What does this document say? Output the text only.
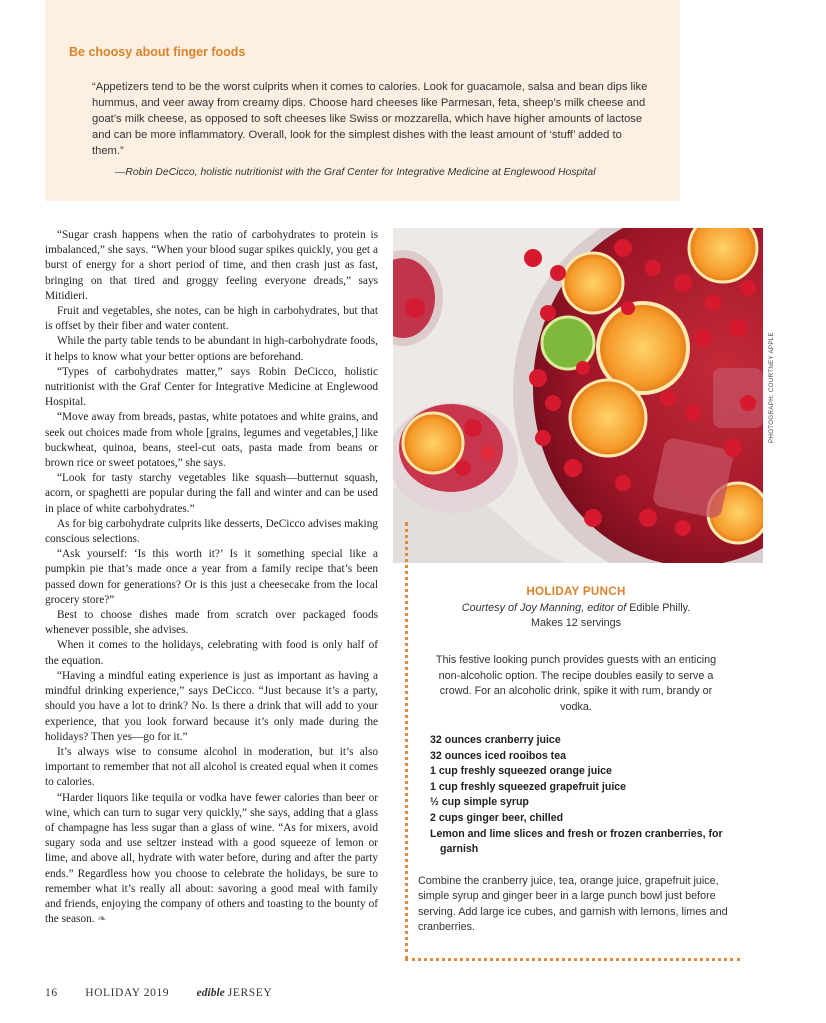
Be choosy about finger foods
“Appetizers tend to be the worst culprits when it comes to calories. Look for guacamole, salsa and bean dips like hummus, and veer away from creamy dips. Choose hard cheeses like Parmesan, feta, sheep’s milk cheese and goat’s milk cheese, as opposed to soft cheeses like Swiss or mozzarella, which have higher amounts of lactose and can be more inflammatory. Overall, look for the simplest dishes with the least amount of ‘stuff’ added to them.”
—Robin DeCicco, holistic nutritionist with the Graf Center for Integrative Medicine at Englewood Hospital

“Sugar crash happens when the ratio of carbohydrates to protein is imbalanced,” she says. “When your blood sugar spikes quickly, you get a burst of energy for a short period of time, and then crash just as fast, bringing on that tired and groggy feeling everyone dreads,” says Mitidieri.

Fruit and vegetables, she notes, can be high in carbohydrates, but that is offset by their fiber and water content.

While the party table tends to be abundant in high-carbohydrate foods, it helps to know what your better options are beforehand.

“Types of carbohydrates matter,” says Robin DeCicco, holistic nutritionist with the Graf Center for Integrative Medicine at Englewood Hospital.

“Move away from breads, pastas, white potatoes and white grains, and seek out choices made from whole [grains, legumes and vegetables,] like buckwheat, quinoa, beans, steel-cut oats, pasta made from beans or brown rice or sweet potatoes,” she says.

“Look for tasty starchy vegetables like squash—butternut squash, acorn, or spaghetti are popular during the fall and winter and can be used in place of white carbohydrates.”

As for big carbohydrate culprits like desserts, DeCicco advises making conscious selections.

“Ask yourself: ‘Is this worth it?’ Is it something special like a pumpkin pie that’s made once a year from a family recipe that’s been passed down for generations? Or is this just a cheesecake from the local grocery store?”

Best to choose dishes made from scratch over packaged foods whenever possible, she advises.

When it comes to the holidays, celebrating with food is only half of the equation.

“Having a mindful eating experience is just as important as having a mindful drinking experience,” says DeCicco. “Just because it’s a party, should you have a lot to drink? No. Is there a drink that will add to your experience, that you look forward because it’s only made during the holidays? Then yes—go for it.”

It’s always wise to consume alcohol in moderation, but it’s also important to remember that not all alcohol is created equal when it comes to calories.

“Harder liquors like tequila or vodka have fewer calories than beer or wine, which can turn to sugar very quickly,” she says, adding that a glass of champagne has less sugar than a glass of wine. “As for mixers, avoid sugary soda and use seltzer instead with a good squeeze of lemon or lime, and above all, hydrate with water before, during and after the party ends.” Regardless how you choose to celebrate the holidays, be sure to remember what it’s really all about: savoring a good meal with family and friends, enjoying the company of others and toasting to the bounty of the season. ❧

PHOTOGRAPH: COURTNEY APPLE
HOLIDAY PUNCH
Courtesy of Joy Manning, editor of Edible Philly.
Makes 12 servings
This festive looking punch provides guests with an enticing non-alcoholic option. The recipe doubles easily to serve a crowd. For an alcoholic drink, spike it with rum, brandy or vodka.
32 ounces cranberry juice
32 ounces iced rooibos tea
1 cup freshly squeezed orange juice
1 cup freshly squeezed grapefruit juice
½ cup simple syrup
2 cups ginger beer, chilled
Lemon and lime slices and fresh or frozen cranberries, for garnish
Combine the cranberry juice, tea, orange juice, grapefruit juice, simple syrup and ginger beer in a large punch bowl just before serving. Add large ice cubes, and garnish with lemons, limes and cranberries.
16 HOLIDAY 2019 edible JERSEY
